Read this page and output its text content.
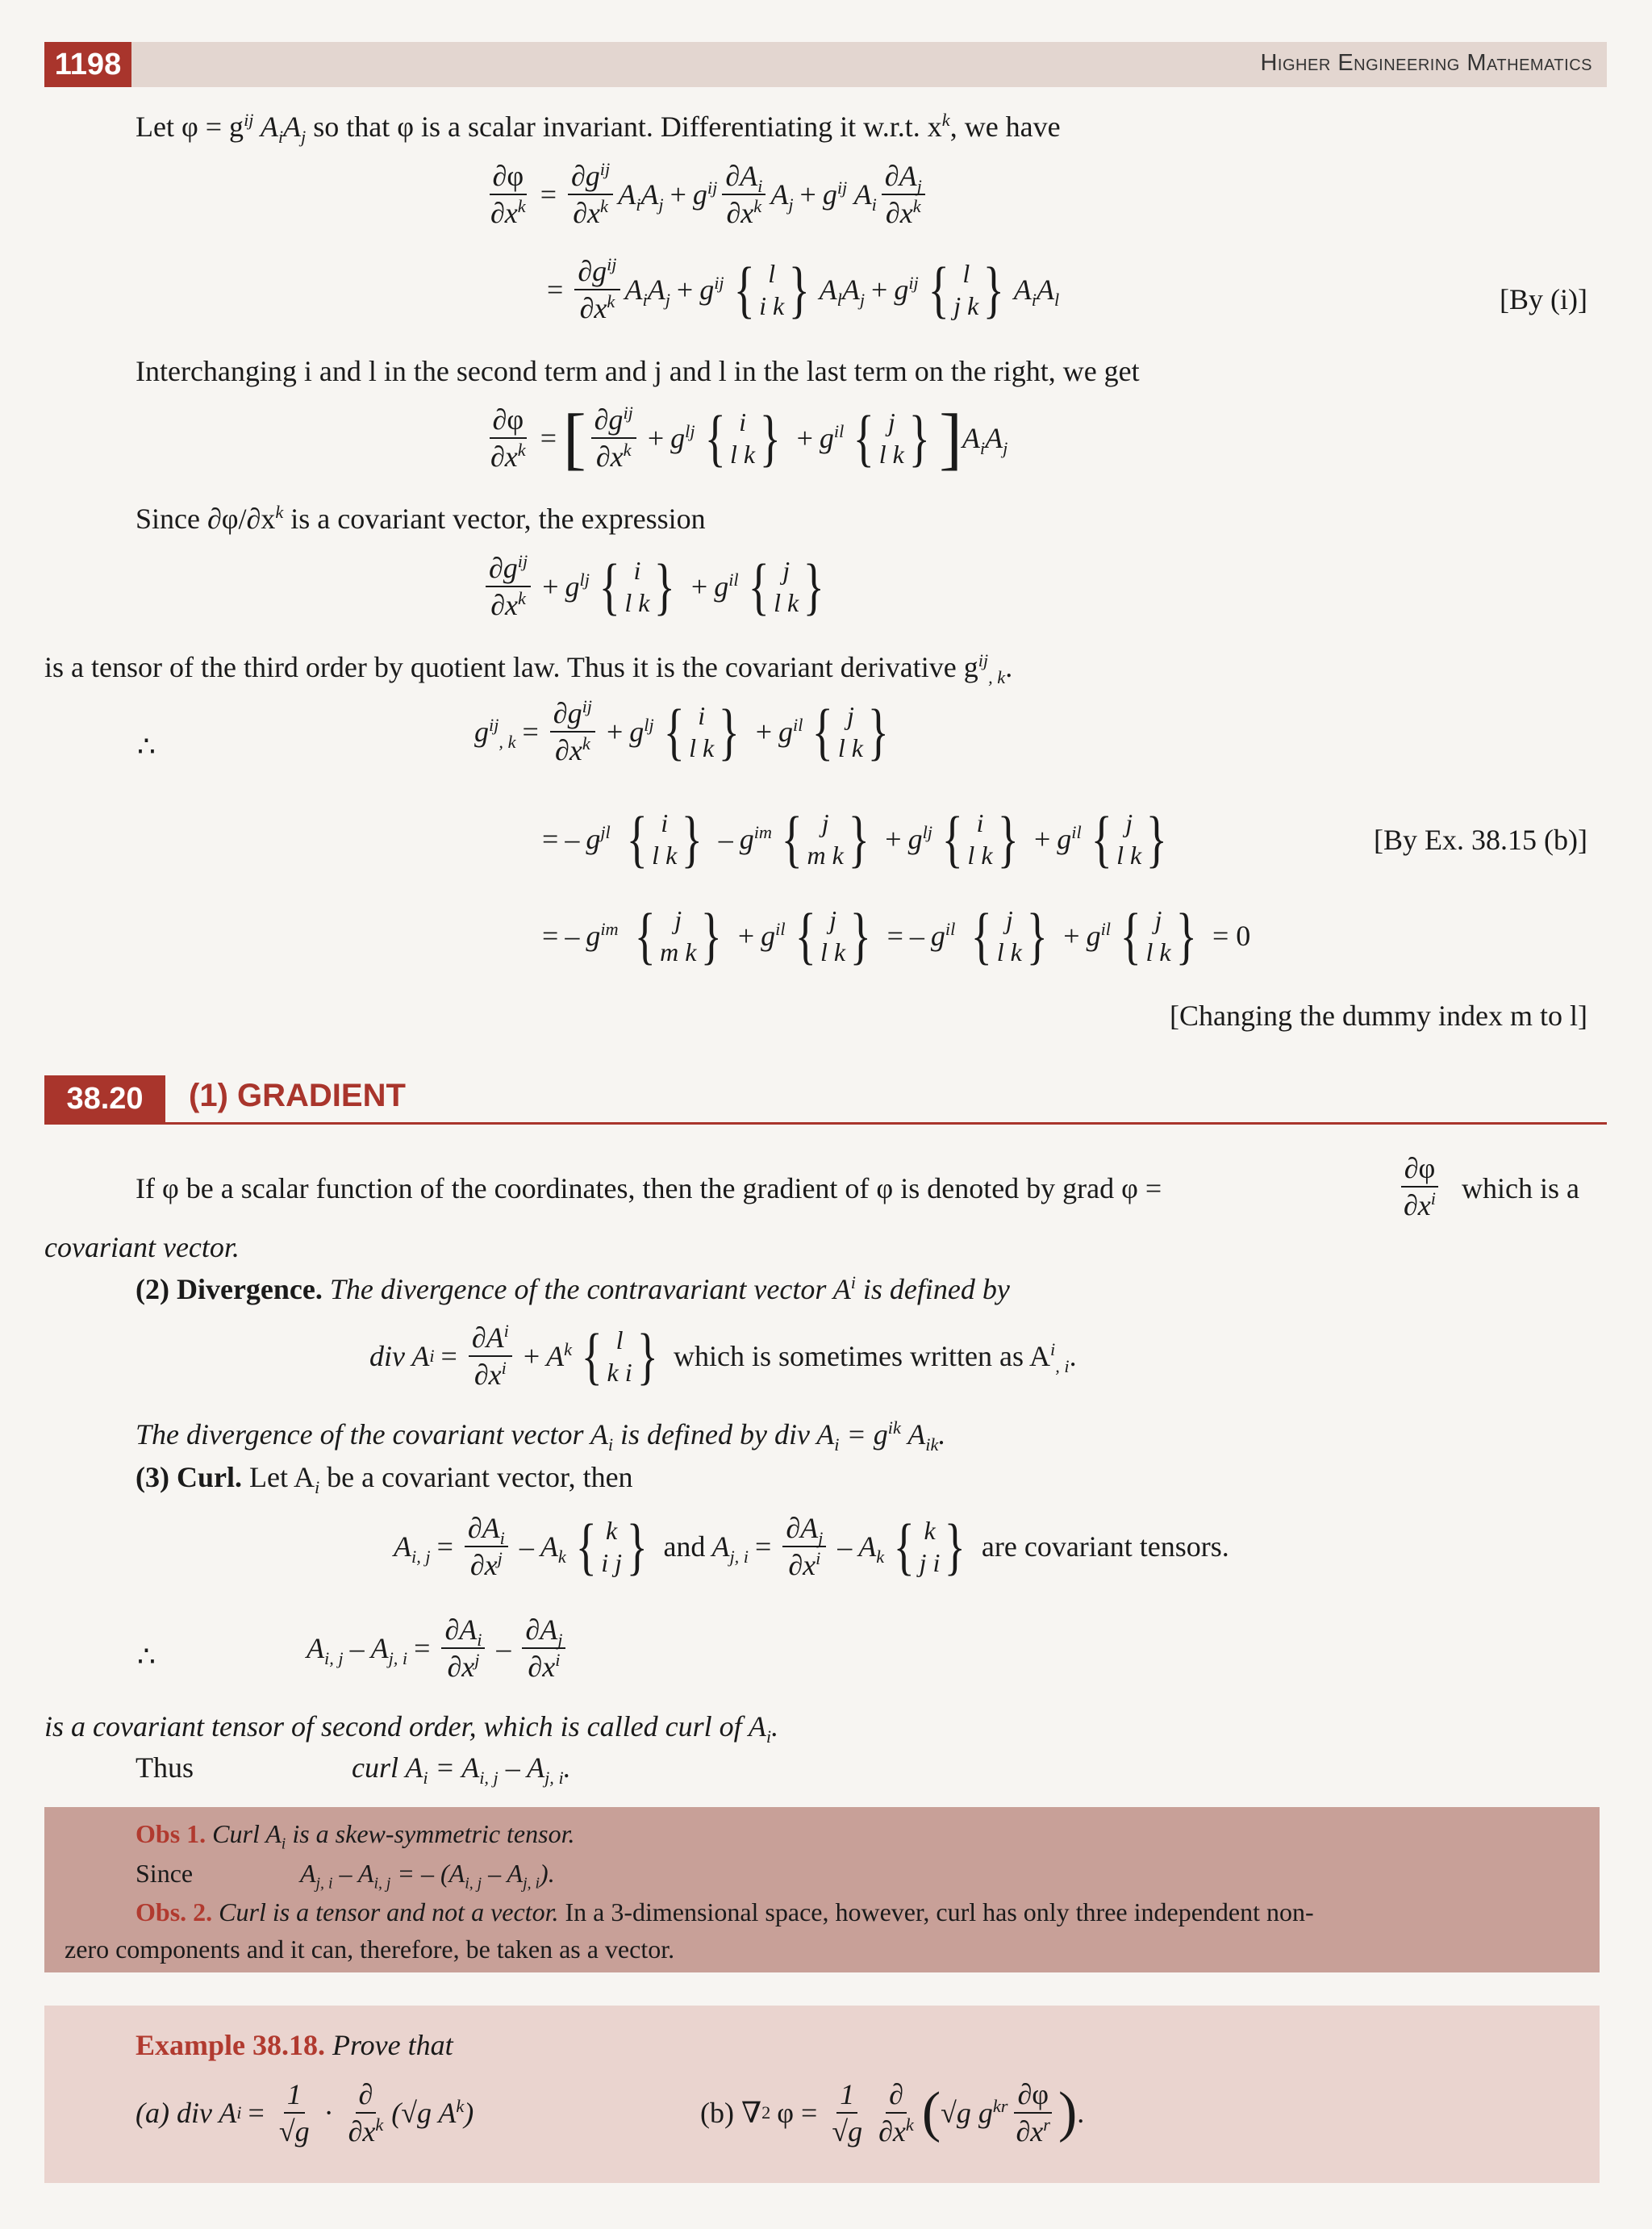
1198	Higher Engineering Mathematics
Let $\varphi = g^{ij}$ $A_iA_j$ so that φ is a scalar invariant. Differentiating it w.r.t. $x^k$, we have
$\frac{\partial\varphi}{\partial x^k} = \frac{\partial g^{ij}}{\partial x^k} A_iA_j + g^{ij} \frac{\partial A_i}{\partial x^k} A_j + g^{ij}$ $A_i \frac{\partial A_j}{\partial x^k}$
= $\frac{\partial g^{ij}}{\partial x^k} A_iA_j + g^{ij}$ { l
i k } $A_lA_j + g^{ij}$ { l
j k } $A_iA_l$	[By (i)]
Interchanging i and l in the second term and j and l in the last term on the right, we get
$\frac{\partial\varphi}{\partial x^k}$ = [ $\frac{\partial g^{ij}}{\partial x^k} + g^{lj}$ { i
l k } + $g^{il}$ { j
l k } ] $A_iA_j$
Since $\partial\varphi/\partial x^k$ is a covariant vector, the expression
$\frac{\partial g^{ij}}{\partial x^k} + g^{lj}$ { i
l k } + $g^{il}$ { j
l k }
is a tensor of the third order by quotient law. Thus it is the covariant derivative $g^{ij}_{, k}$.
∴	$g^{ij}_{, k} = \frac{\partial g^{ij}}{\partial x^k} + g^{lj}$ { i
l k } + $g^{il}$ { j
l k }
= – $g^{jl}$ { i
l k } – $g^{im}$ { j
m k } + $g^{lj}$ { i
l k } + $g^{il}$ { j
l k }	[By Ex. 38.15 (b)]
= – $g^{im}$ { j
m k } + $g^{il}$ { j
l k } = – $g^{il}$ { j
l k } + $g^{il}$ { j
l k } = 0
[Changing the dummy index m to l]
38.20	(1) GRADIENT
If φ be a scalar function of the coordinates, then the gradient of φ is denoted by grad φ =	$\frac{\partial\varphi}{\partial x^i}$ which is a
covariant vector.
(2) Divergence. The divergence of the contravariant vector $A^i$ is defined by
div A $i = \frac{\partial A^i}{\partial x^i} + A^k$ { l
k i } which is sometimes written as $A^i_{, i}$.
The divergence of the covariant vector $A_i$ is defined by div $A_i = g^{ik}$ $A_{ik}$.
(3) Curl. Let $A_i$ be a covariant vector, then
$A_{i, j} = \frac{\partial A_i}{\partial x^j} - A_k$ { k
i j } and $A_{j, i} = \frac{\partial A_j}{\partial x^i} - A_k$ { k
j i } are covariant tensors.
∴	$A_{i, j} - A_{j, i} = \frac{\partial A_i}{\partial x^j} - \frac{\partial A_j}{\partial x^i}$
is a covariant tensor of second order, which is called curl of $A_i$.
Thus	curl $A_i = A_{i, j} - A_{j, i}$.
Obs 1. Curl $A_i$ is a skew-symmetric tensor.
Since	$A_{j, i} - A_{i, j}$ = – $(A_{i, j} - A_{j, i})$.
Obs. 2. Curl is a tensor and not a vector. In a 3-dimensional space, however, curl has only three independent non-
zero components and it can, therefore, be taken as a vector.
Example 38.18. Prove that
(a) div A $i = \frac{1}{√g} \cdot \frac{\partial}{\partial x^k} (√g$ $A^k$)	(b) ∇ 2 $\varphi = \frac{1}{√g} \frac{\partial}{\partial x^k}$ ( √g $g^{kr} \frac{\partial\varphi}{\partial x^r}$ ) .
